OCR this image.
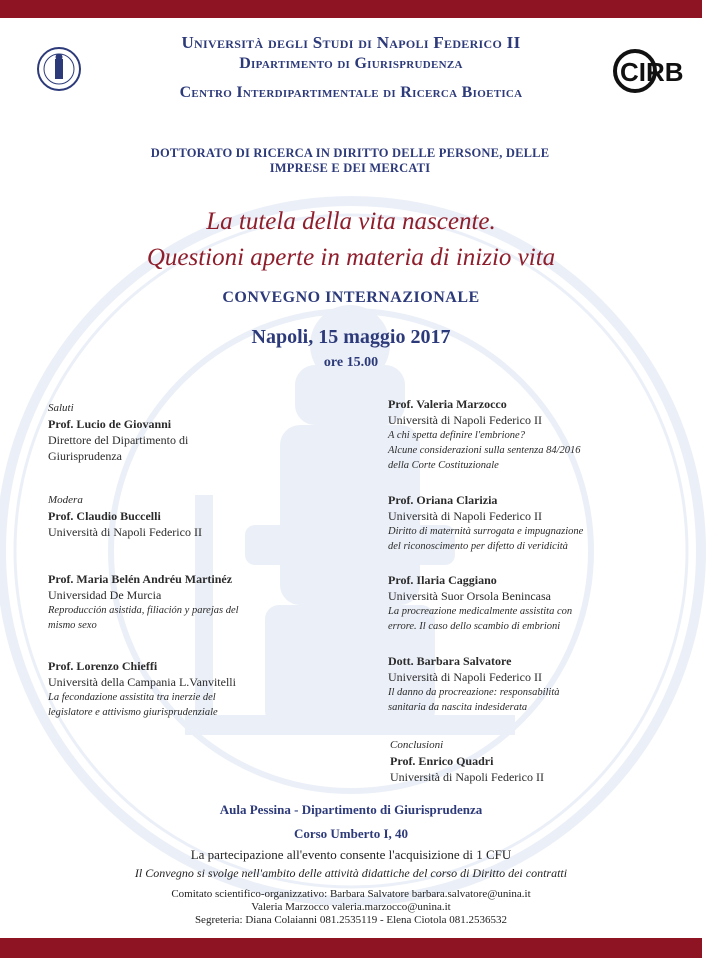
Università degli Studi di Napoli Federico II
Dipartimento di Giurisprudenza
Centro Interdipartimentale di Ricerca Bioetica
CIRB
DOTTORATO DI RICERCA IN DIRITTO DELLE PERSONE, DELLE
IMPRESE E DEI MERCATI
La tutela della vita nascente.
Questioni aperte in materia di inizio vita
CONVEGNO INTERNAZIONALE
Napoli, 15 maggio 2017
ore 15.00
Saluti
Prof. Lucio de Giovanni
Direttore del Dipartimento di
Giurisprudenza
Modera
Prof. Claudio Buccelli
Università di Napoli Federico II
Prof. Maria Belén Andréu Martinéz
Universidad De Murcia
Reproducción asistida, filiación y parejas del
mismo sexo
Prof. Lorenzo Chieffi
Università della Campania L.Vanvitelli
La fecondazione assistita tra inerzie del
legislatore e attivismo giurisprudenziale
Prof. Valeria Marzocco
Università di Napoli Federico II
A chi spetta definire l'embrione?
Alcune considerazioni sulla sentenza 84/2016
della Corte Costituzionale
Prof. Oriana Clarizia
Università di Napoli Federico II
Diritto di maternità surrogata e impugnazione
del riconoscimento per difetto di veridicità
Prof. Ilaria Caggiano
Università Suor Orsola Benincasa
La procreazione medicalmente assistita con
errore. Il caso dello scambio di embrioni
Dott. Barbara Salvatore
Università di Napoli Federico II
Il danno da procreazione: responsabilità
sanitaria da nascita indesiderata
Conclusioni
Prof. Enrico Quadri
Università di Napoli Federico II
Aula Pessina - Dipartimento di Giurisprudenza
Corso Umberto I, 40
La partecipazione all'evento consente l'acquisizione di 1 CFU
Il Convegno si svolge nell'ambito delle attività didattiche del corso di Diritto dei contratti
Comitato scientifico-organizzativo: Barbara Salvatore barbara.salvatore@unina.it
Valeria Marzocco valeria.marzocco@unina.it
Segreteria: Diana Colaianni 081.2535119 - Elena Ciotola 081.2536532
